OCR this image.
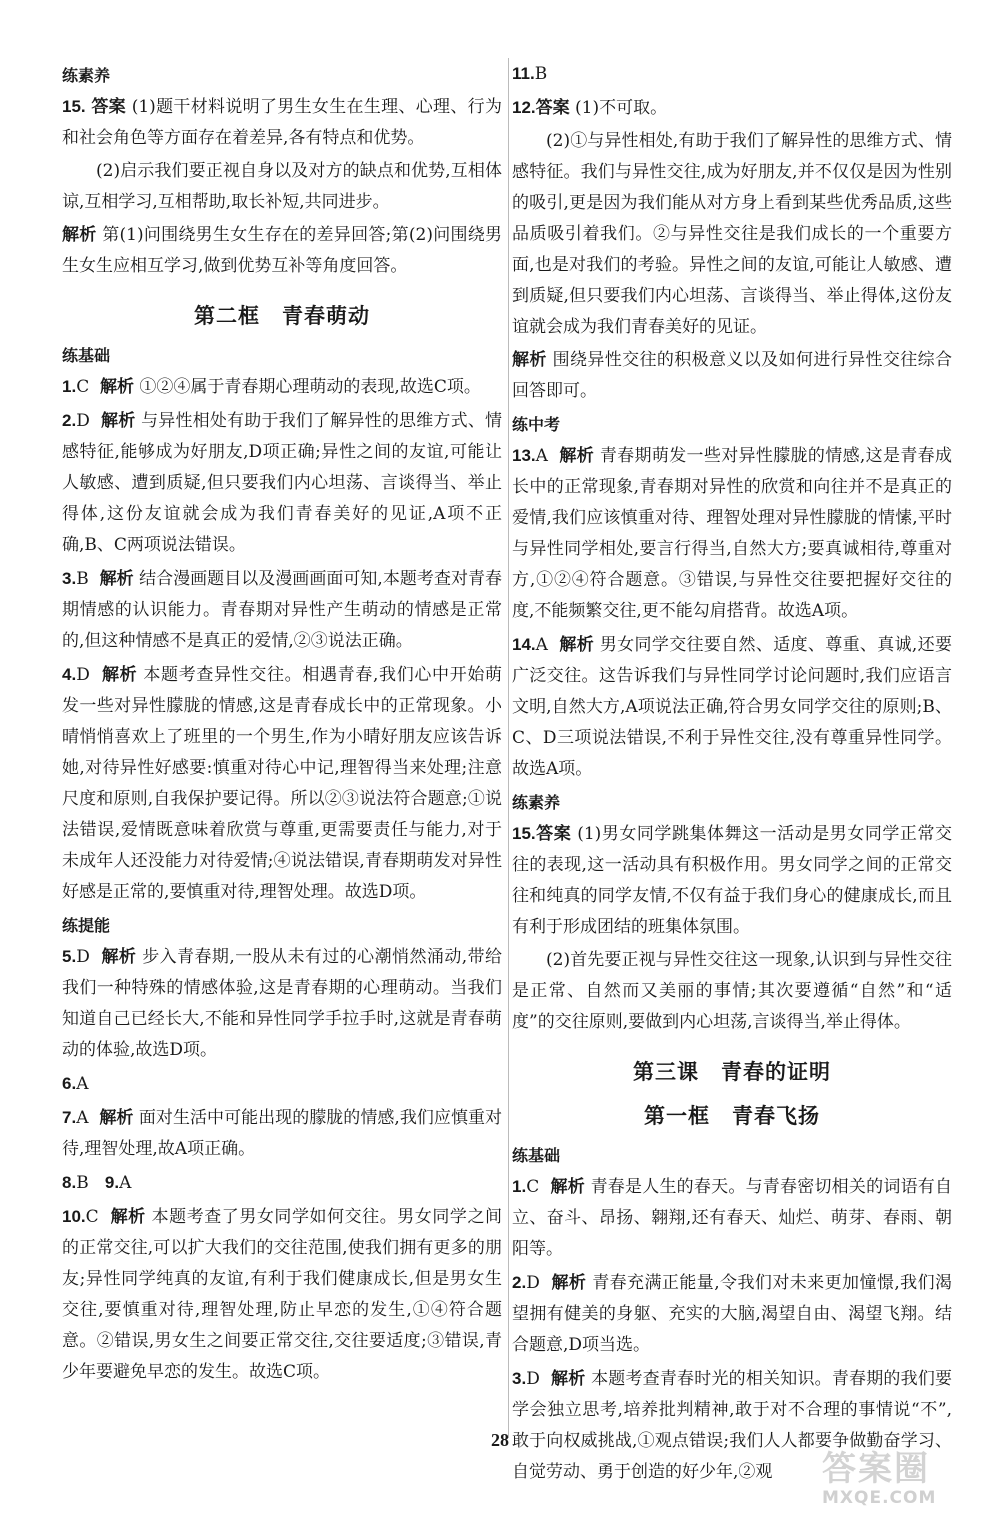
练素养

15. 答案 (1)题干材料说明了男生女生在生理、心理、行为和社会角色等方面存在着差异,各有特点和优势。

(2)启示我们要正视自身以及对方的缺点和优势,互相体谅,互相学习,互相帮助,取长补短,共同进步。

解析 第(1)问围绕男生女生存在的差异回答;第(2)问围绕男生女生应相互学习,做到优势互补等角度回答。

第二框　青春萌动
练基础

1.C 解析 ①②④属于青春期心理萌动的表现,故选C项。

2.D 解析 与异性相处有助于我们了解异性的思维方式、情感特征,能够成为好朋友,D项正确;异性之间的友谊,可能让人敏感、遭到质疑,但只要我们内心坦荡、言谈得当、举止得体,这份友谊就会成为我们青春美好的见证,A项不正确,B、C两项说法错误。

3.B 解析 结合漫画题目以及漫画画面可知,本题考查对青春期情感的认识能力。青春期对异性产生萌动的情感是正常的,但这种情感不是真正的爱情,②③说法正确。

4.D 解析 本题考查异性交往。相遇青春,我们心中开始萌发一些对异性朦胧的情感,这是青春成长中的正常现象。小晴悄悄喜欢上了班里的一个男生,作为小晴好朋友应该告诉她,对待异性好感要:慎重对待心中记,理智得当来处理;注意尺度和原则,自我保护要记得。所以②③说法符合题意;①说法错误,爱情既意味着欣赏与尊重,更需要责任与能力,对于未成年人还没能力对待爱情;④说法错误,青春期萌发对异性好感是正常的,要慎重对待,理智处理。故选D项。

练提能

5.D 解析 步入青春期,一股从未有过的心潮悄然涌动,带给我们一种特殊的情感体验,这是青春期的心理萌动。当我们知道自己已经长大,不能和异性同学手拉手时,这就是青春萌动的体验,故选D项。

6.A

7.A 解析 面对生活中可能出现的朦胧的情感,我们应慎重对待,理智处理,故A项正确。

8.B 9.A

10.C 解析 本题考查了男女同学如何交往。男女同学之间的正常交往,可以扩大我们的交往范围,使我们拥有更多的朋友;异性同学纯真的友谊,有利于我们健康成长,但是男女生交往,要慎重对待,理智处理,防止早恋的发生,①④符合题意。②错误,男女生之间要正常交往,交往要适度;③错误,青少年要避免早恋的发生。故选C项。

11.B

12.答案 (1)不可取。

(2)①与异性相处,有助于我们了解异性的思维方式、情感特征。我们与异性交往,成为好朋友,并不仅仅是因为性别的吸引,更是因为我们能从对方身上看到某些优秀品质,这些品质吸引着我们。②与异性交往是我们成长的一个重要方面,也是对我们的考验。异性之间的友谊,可能让人敏感、遭到质疑,但只要我们内心坦荡、言谈得当、举止得体,这份友谊就会成为我们青春美好的见证。

解析 围绕异性交往的积极意义以及如何进行异性交往综合回答即可。

练中考

13.A 解析 青春期萌发一些对异性朦胧的情感,这是青春成长中的正常现象,青春期对异性的欣赏和向往并不是真正的爱情,我们应该慎重对待、理智处理对异性朦胧的情愫,平时与异性同学相处,要言行得当,自然大方;要真诚相待,尊重对方,①②④符合题意。③错误,与异性交往要把握好交往的度,不能频繁交往,更不能勾肩搭背。故选A项。

14.A 解析 男女同学交往要自然、适度、尊重、真诚,还要广泛交往。这告诉我们与异性同学讨论问题时,我们应语言文明,自然大方,A项说法正确,符合男女同学交往的原则;B、C、D三项说法错误,不利于异性交往,没有尊重异性同学。故选A项。

练素养

15.答案 (1)男女同学跳集体舞这一活动是男女同学正常交往的表现,这一活动具有积极作用。男女同学之间的正常交往和纯真的同学友情,不仅有益于我们身心的健康成长,而且有利于形成团结的班集体氛围。

(2)首先要正视与异性交往这一现象,认识到与异性交往是正常、自然而又美丽的事情;其次要遵循“自然”和“适度”的交往原则,要做到内心坦荡,言谈得当,举止得体。

第三课　青春的证明
第一框　青春飞扬
练基础

1.C 解析 青春是人生的春天。与青春密切相关的词语有自立、奋斗、昂扬、翱翔,还有春天、灿烂、萌芽、春雨、朝阳等。

2.D 解析 青春充满正能量,令我们对未来更加憧憬,我们渴望拥有健美的身躯、充实的大脑,渴望自由、渴望飞翔。结合题意,D项当选。

3.D 解析 本题考查青春时光的相关知识。青春期的我们要学会独立思考,培养批判精神,敢于对不合理的事情说“不”,敢于向权威挑战,①观点错误;我们人人都要争做勤奋学习、自觉劳动、勇于创造的好少年,②观

28
答案圈
MXQE.COM
